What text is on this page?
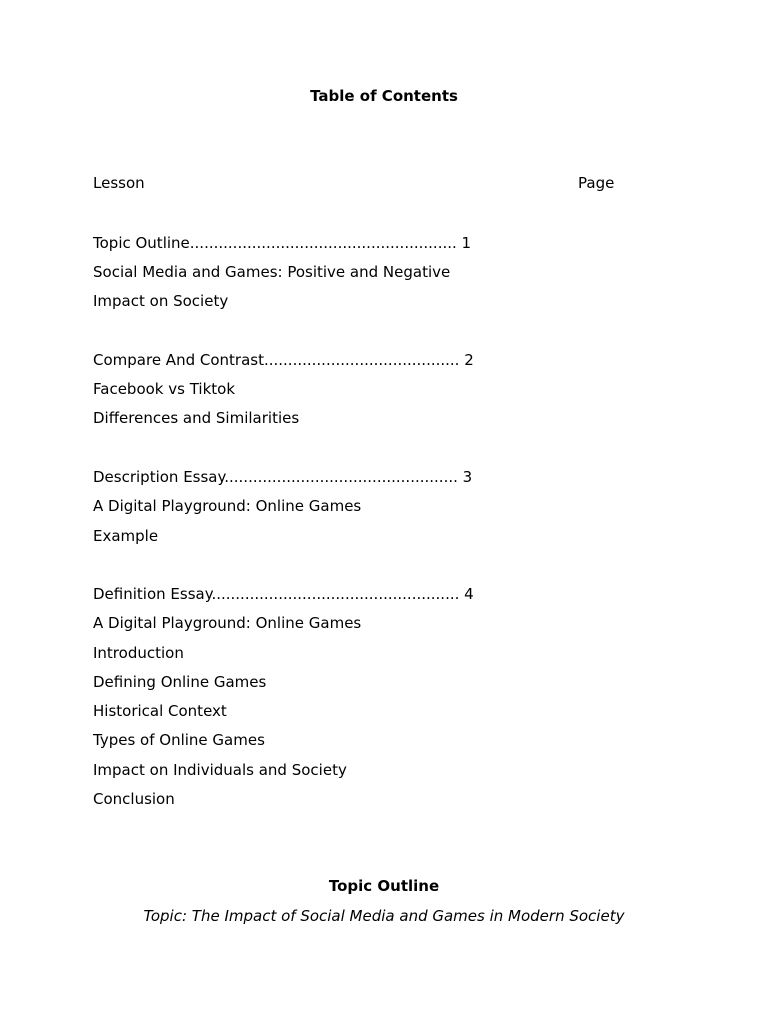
Table of Contents
Lesson	Page
Topic Outline........................................................ 1
Social Media and Games: Positive and Negative
Impact on Society
Compare And Contrast......................................... 2
Facebook vs Tiktok
Differences and Similarities
Description Essay................................................. 3
A Digital Playground: Online Games
Example
Definition Essay.................................................... 4
A Digital Playground: Online Games
Introduction
Defining Online Games
Historical Context
Types of Online Games
Impact on Individuals and Society
Conclusion
Topic Outline
Topic: The Impact of Social Media and Games in Modern Society
